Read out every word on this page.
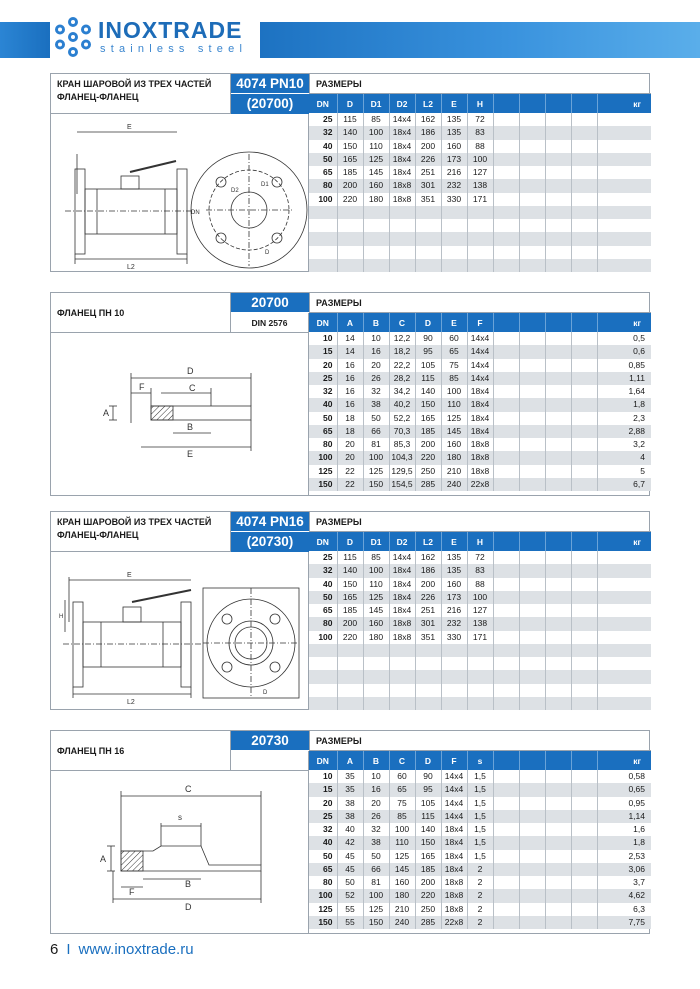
INOXTRADE
stainless steel
КРАН ШАРОВОЙ ИЗ ТРЕХ ЧАСТЕЙ ФЛАНЕЦ-ФЛАНЕЦ
4074 PN10
(20700)
РАЗМЕРЫ
E
L2
DN
D
D1
D2
DN	D	D1	D2	L2	E	H					кг
25	115	85	14x4	162	135	72					
32	140	100	18x4	186	135	83					
40	150	110	18x4	200	160	88					
50	165	125	18x4	226	173	100					
65	185	145	18x4	251	216	127					
80	200	160	18x8	301	232	138					
100	220	180	18x8	351	330	171					

ФЛАНЕЦ ПН 10
20700
DIN 2576
РАЗМЕРЫ
D
F	C
A
B
E
DN	A	B	C	D	E	F					кг
10	14	10	12,2	90	60	14x4					0,5
15	14	16	18,2	95	65	14x4					0,6
20	16	20	22,2	105	75	14x4					0,85
25	16	26	28,2	115	85	14x4					1,11
32	16	32	34,2	140	100	18x4					1,64
40	16	38	40,2	150	110	18x4					1,8
50	18	50	52,2	165	125	18x4					2,3
65	18	66	70,3	185	145	18x4					2,88
80	20	81	85,3	200	160	18x8					3,2
100	20	100	104,3	220	180	18x8					4
125	22	125	129,5	250	210	18x8					5
150	22	150	154,5	285	240	22x8					6,7
КРАН ШАРОВОЙ ИЗ ТРЕХ ЧАСТЕЙ ФЛАНЕЦ-ФЛАНЕЦ
4074 PN16
(20730)
РАЗМЕРЫ
E
L2
H
D
DN	D	D1	D2	L2	E	H					кг
25	115	85	14x4	162	135	72					
32	140	100	18x4	186	135	83					
40	150	110	18x4	200	160	88					
50	165	125	18x4	226	173	100					
65	185	145	18x4	251	216	127					
80	200	160	18x8	301	232	138					
100	220	180	18x8	351	330	171					

ФЛАНЕЦ ПН 16
20730	РАЗМЕРЫ
C
s
A
F
B
D
DN	A	B	C	D	F	s					кг
10	35	10	60	90	14x4	1,5					0,58
15	35	16	65	95	14x4	1,5					0,65
20	38	20	75	105	14x4	1,5					0,95
25	38	26	85	115	14x4	1,5					1,14
32	40	32	100	140	18x4	1,5					1,6
40	42	38	110	150	18x4	1,5					1,8
50	45	50	125	165	18x4	1,5					2,53
65	45	66	145	185	18x4	2					3,06
80	50	81	160	200	18x8	2					3,7
100	52	100	180	220	18x8	2					4,62
125	55	125	210	250	18x8	2					6,3
150	55	150	240	285	22x8	2					7,75
6 I www.inoxtrade.ru
